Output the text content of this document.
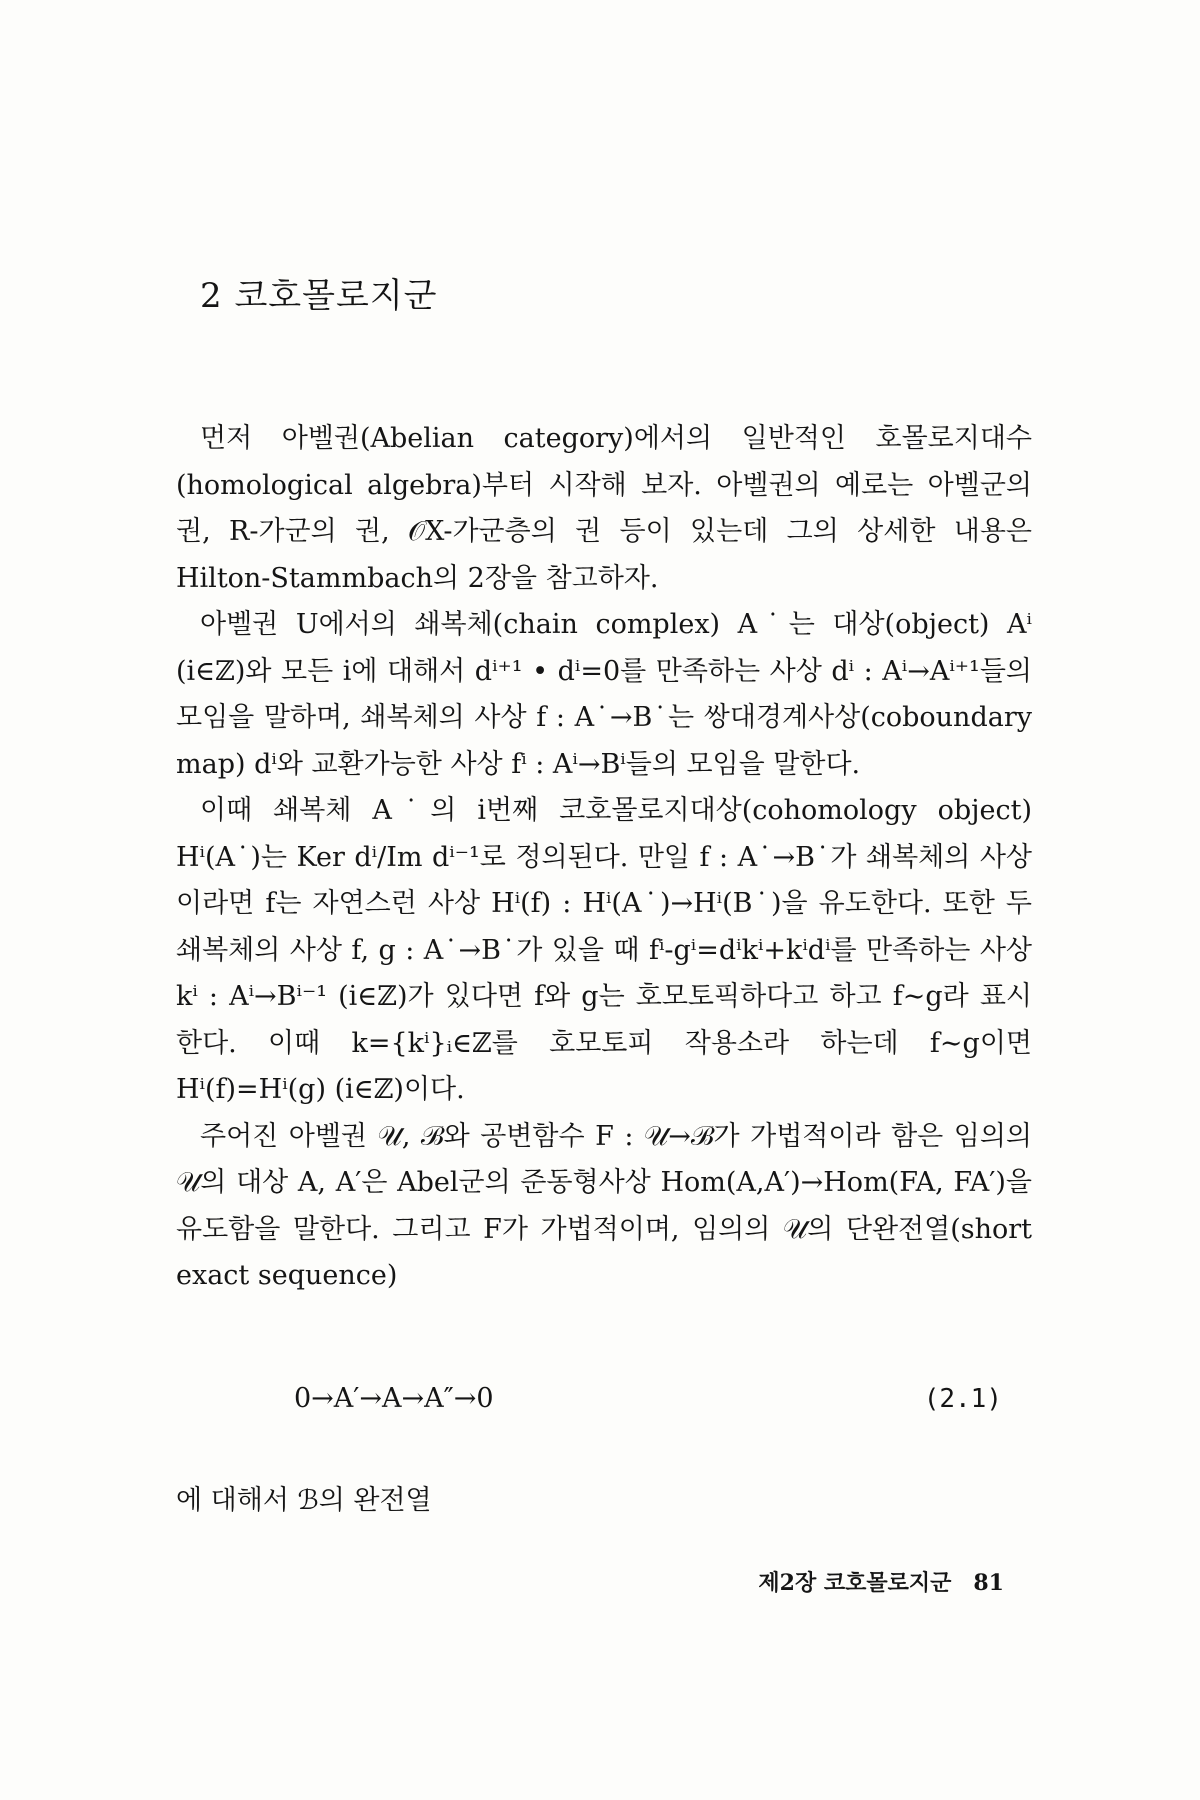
2 코호몰로지군

먼저 아벨권(Abelian category)에서의 일반적인 호몰로지대수(homological algebra)부터 시작해 보자. 아벨권의 예로는 아벨군의 권, R-가군의 권, 𝒪X-가군층의 권 등이 있는데 그의 상세한 내용은 Hilton-Stammbach의 2장을 참고하자.

아벨권 U에서의 쇄복체(chain complex) A˙는 대상(object) Aⁱ (i∈ℤ)와 모든 i에 대해서 dⁱ⁺¹ • dⁱ=0를 만족하는 사상 dⁱ : Aⁱ→Aⁱ⁺¹들의 모임을 말하며, 쇄복체의 사상 f : A˙→B˙는 쌍대경계사상(coboundary map) dⁱ와 교환가능한 사상 fⁱ : Aⁱ→Bⁱ들의 모임을 말한다.

이때 쇄복체 A˙의 i번째 코호몰로지대상(cohomology object) Hⁱ(A˙)는 Ker dⁱ/Im dⁱ⁻¹로 정의된다. 만일 f : A˙→B˙가 쇄복체의 사상이라면 f는 자연스런 사상 Hⁱ(f) : Hⁱ(A˙)→Hⁱ(B˙)을 유도한다. 또한 두 쇄복체의 사상 f, g : A˙→B˙가 있을 때 fⁱ-gⁱ=dⁱkⁱ+kⁱdⁱ를 만족하는 사상 kⁱ : Aⁱ→Bⁱ⁻¹ (i∈ℤ)가 있다면 f와 g는 호모토픽하다고 하고 f∼g라 표시한다. 이때 k={kⁱ}ᵢ∈ℤ를 호모토피 작용소라 하는데 f∼g이면 Hⁱ(f)=Hⁱ(g) (i∈ℤ)이다.

주어진 아벨권 𝒰, ℬ와 공변함수 F : 𝒰→ℬ가 가법적이라 함은 임의의 𝒰의 대상 A, A′은 Abel군의 준동형사상 Hom(A,A′)→Hom(FA, FA′)을 유도함을 말한다. 그리고 F가 가법적이며, 임의의 𝒰의 단완전열(short exact sequence)

0→A′→A→A″→0	(2.1)

에 대해서 ℬ의 완전열

제2장 코호몰로지군 81
